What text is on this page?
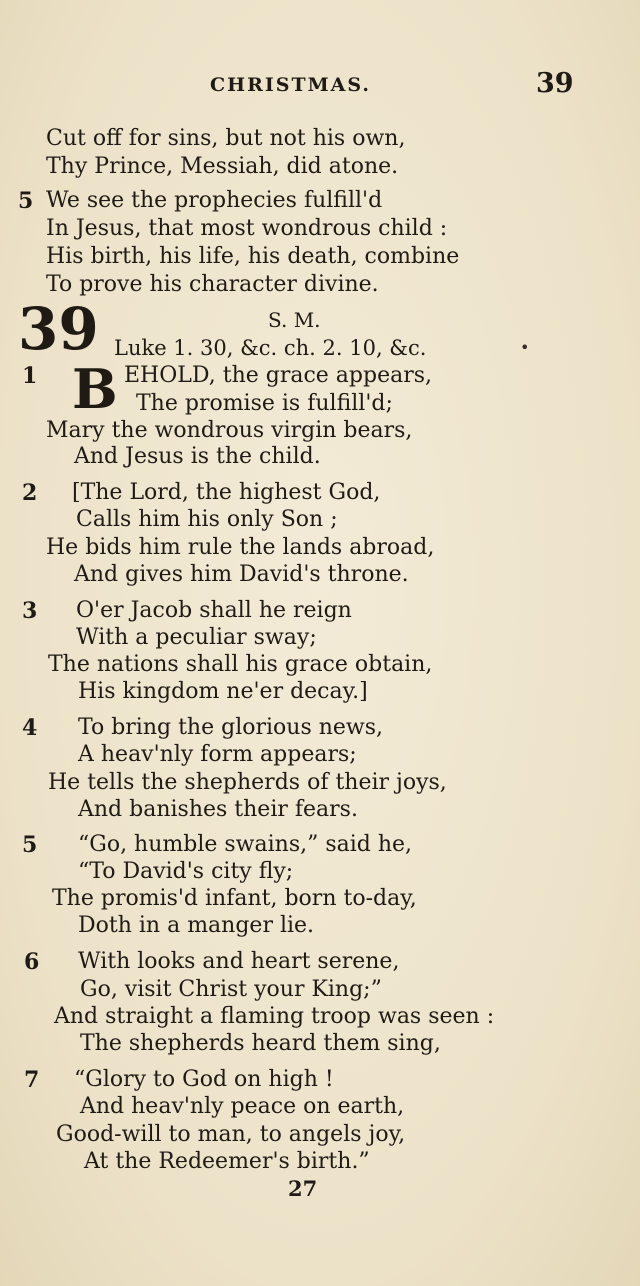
CHRISTMAS.	39
Cut off for sins, but not his own,
Thy Prince, Messiah, did atone.
5 We see the prophecies fulfill'd
In Jesus, that most wondrous child :
His birth, his life, his death, combine
To prove his character divine.
39	S. M.
Luke 1. 30, &c. ch. 2. 10, &c.	•
1 B EHOLD, the grace appears,
The promise is fulfill'd;
Mary the wondrous virgin bears,
And Jesus is the child.
2 [The Lord, the highest God,
Calls him his only Son ;
He bids him rule the lands abroad,
And gives him David's throne.
3 O'er Jacob shall he reign
With a peculiar sway;
The nations shall his grace obtain,
His kingdom ne'er decay.]
4 To bring the glorious news,
A heav'nly form appears;
He tells the shepherds of their joys,
And banishes their fears.
5 “Go, humble swains,” said he,
“To David's city fly;
The promis'd infant, born to-day,
Doth in a manger lie.
6 With looks and heart serene,
Go, visit Christ your King;”
And straight a flaming troop was seen :
The shepherds heard them sing,
7 “Glory to God on high !
And heav'nly peace on earth,
Good-will to man, to angels joy,
At the Redeemer's birth.”
27
